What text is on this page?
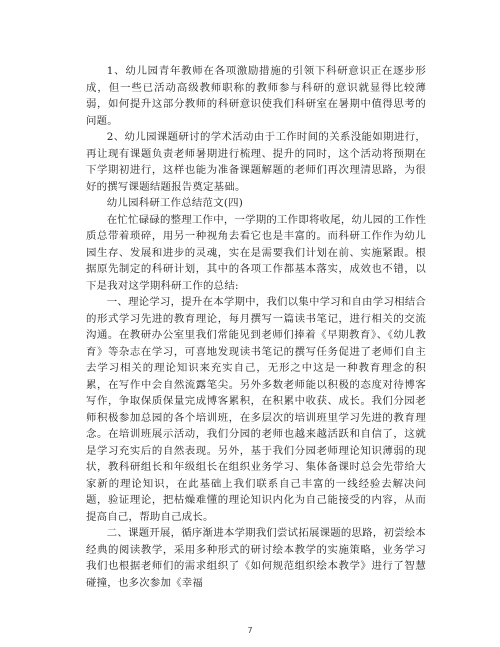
1、幼儿园青年教师在各项激励措施的引领下科研意识正在逐步形成，但一些已活动高级教师职称的教师参与科研的意识就显得比较薄弱，如何提升这部分教师的科研意识使我们科研室在暑期中值得思考的问题。

2、幼儿园课题研讨的学术活动由于工作时间的关系没能如期进行，再让现有课题负责老师暑期进行梳理、提升的同时，这个活动将预期在下学期初进行，这样也能为准备课题解题的老师们再次理清思路，为很好的撰写课题结题报告奠定基础。

幼儿园科研工作总结范文(四)

在忙忙碌碌的整理工作中，一学期的工作即将收尾，幼儿园的工作性质总带着琐碎，用另一种视角去看它也是丰富的。而科研工作作为幼儿园生存、发展和进步的灵魂，实在是需要我们计划在前、实施紧跟。根据原先制定的科研计划，其中的各项工作都基本落实，成效也不错，以下是我对这学期科研工作的总结:

一、理论学习，提升在本学期中，我们以集中学习和自由学习相结合的形式学习先进的教育理论，每月撰写一篇读书笔记，进行相关的交流沟通。在教研办公室里我们常能见到老师们捧着《早期教育》、《幼儿教育》等杂志在学习，可喜地发现读书笔记的撰写任务促进了老师们自主去学习相关的理论知识来充实自己，无形之中这是一种教育理念的积累，在写作中会自然流露笔尖。另外多数老师能以积极的态度对待博客写作，争取保质保量完成博客累积，在积累中收获、成长。我们分园老师积极参加总园的各个培训班，在多层次的培训班里学习先进的教育理念。在培训班展示活动，我们分园的老师也越来越活跃和自信了，这就是学习充实后的自然表现。另外，基于我们分园老师理论知识薄弱的现状，教科研组长和年级组长在组织业务学习、集体备课时总会先带给大家新的理论知识，在此基础上我们联系自己丰富的一线经验去解决问题，验证理论，把枯燥难懂的理论知识内化为自己能接受的内容，从而提高自己，帮助自己成长。

二、课题开展，循序渐进本学期我们尝试拓展课题的思路，初尝绘本经典的阅读教学，采用多种形式的研讨绘本教学的实施策略，业务学习我们也根据老师们的需求组织了《如何规范组织绘本教学》进行了智慧碰撞，也多次参加《幸福

7
